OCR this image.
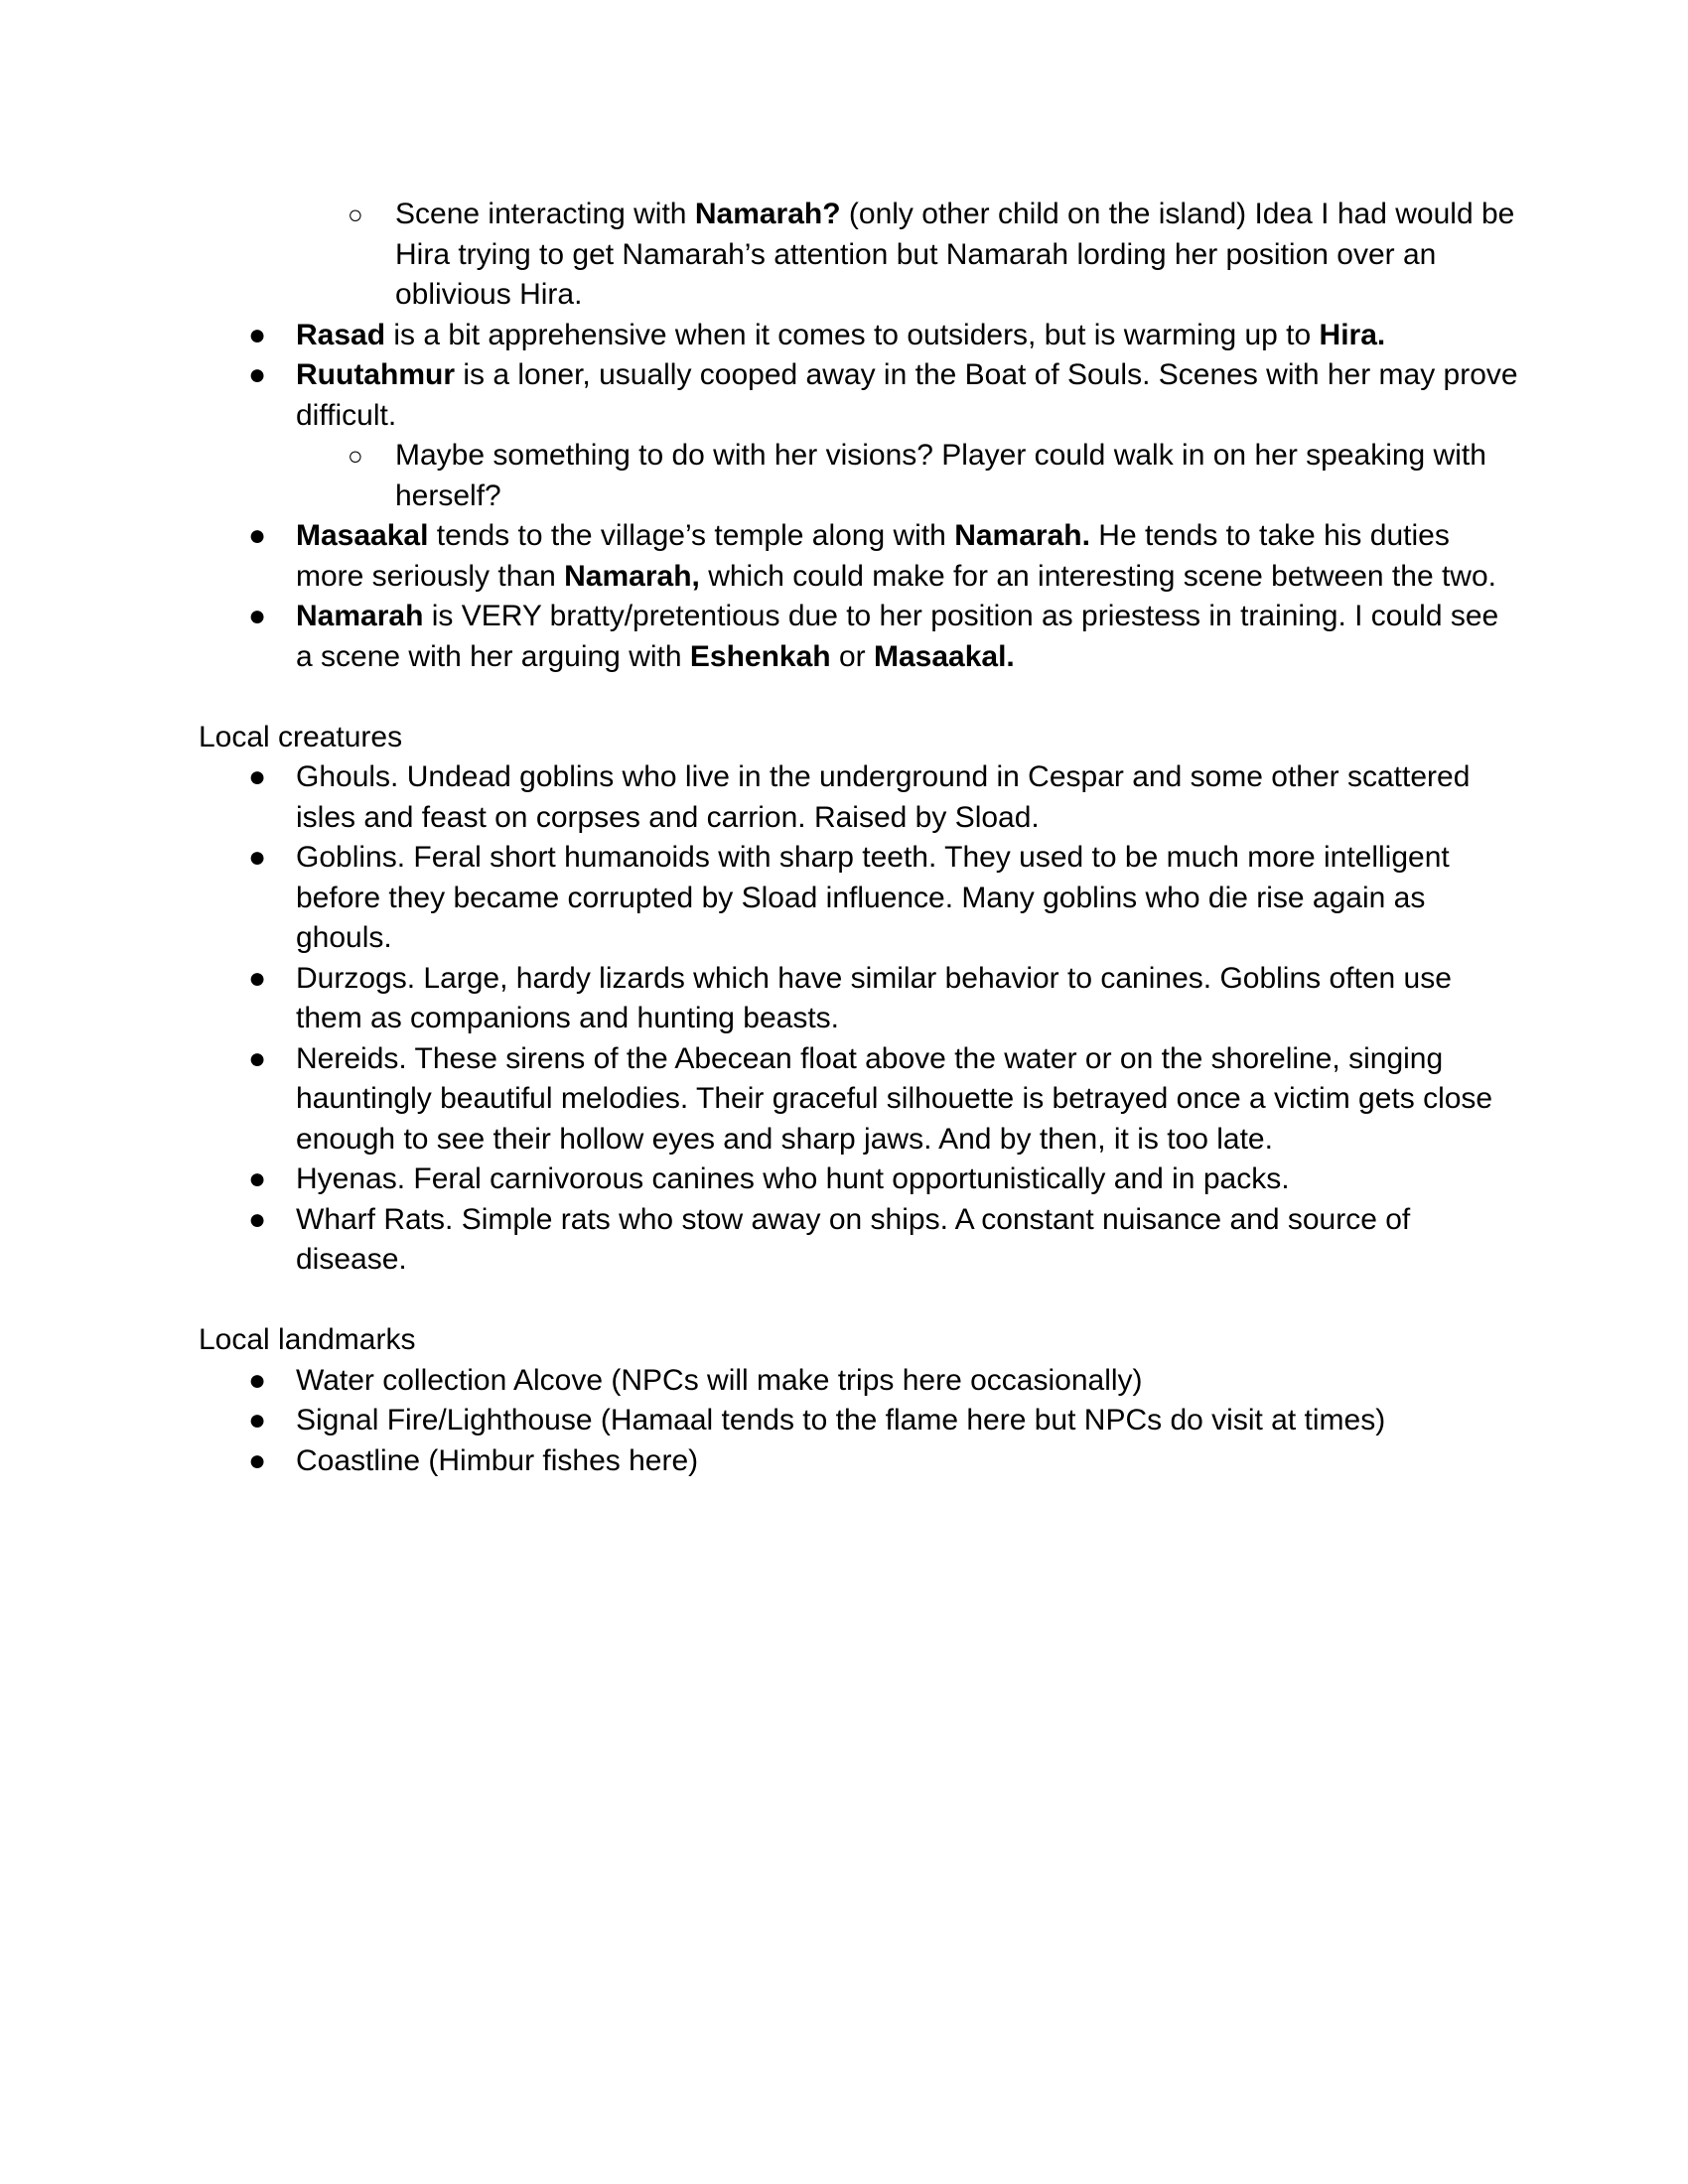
○ Scene interacting with Namarah? (only other child on the island) Idea I had would be Hira trying to get Namarah’s attention but Namarah lording her position over an oblivious Hira.
● Rasad is a bit apprehensive when it comes to outsiders, but is warming up to Hira.
● Ruutahmur is a loner, usually cooped away in the Boat of Souls. Scenes with her may prove difficult.
○ Maybe something to do with her visions? Player could walk in on her speaking with herself?
● Masaakal tends to the village’s temple along with Namarah. He tends to take his duties more seriously than Namarah, which could make for an interesting scene between the two.
● Namarah is VERY bratty/pretentious due to her position as priestess in training. I could see a scene with her arguing with Eshenkah or Masaakal.

Local creatures

● Ghouls. Undead goblins who live in the underground in Cespar and some other scattered isles and feast on corpses and carrion. Raised by Sload.
● Goblins. Feral short humanoids with sharp teeth. They used to be much more intelligent before they became corrupted by Sload influence. Many goblins who die rise again as ghouls.
● Durzogs. Large, hardy lizards which have similar behavior to canines. Goblins often use them as companions and hunting beasts.
● Nereids. These sirens of the Abecean float above the water or on the shoreline, singing hauntingly beautiful melodies. Their graceful silhouette is betrayed once a victim gets close enough to see their hollow eyes and sharp jaws. And by then, it is too late.
● Hyenas. Feral carnivorous canines who hunt opportunistically and in packs.
● Wharf Rats. Simple rats who stow away on ships. A constant nuisance and source of disease.

Local landmarks

● Water collection Alcove (NPCs will make trips here occasionally)
● Signal Fire/Lighthouse (Hamaal tends to the flame here but NPCs do visit at times)
● Coastline (Himbur fishes here)
